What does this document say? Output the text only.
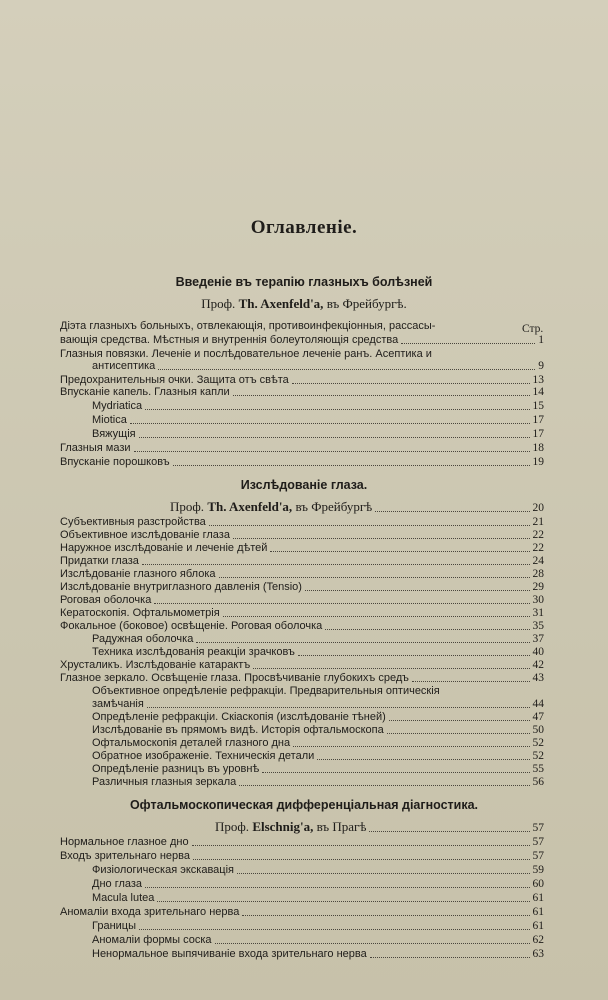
Оглавленіе.
Введеніе въ терапію глазныхъ болѣзней
Проф. Th. Axenfeld'a, въ Фрейбургѣ.
Стр.
Діэта глазныхъ больныхъ, отвлекающія, противоинфекціонныя, рассасы-
вающія средства. Мѣстныя и внутреннія болеутоляющія средства	1
Глазныя повязки. Леченіе и послѣдовательное леченіе ранъ. Асептика и
антисептика	9
Предохранительныя очки. Защита отъ свѣта	13
Впусканіе капель. Глазныя капли	14
Mydriatica	15
Miotica	17
Вяжущія	17
Глазныя мази	18
Впусканіе порошковъ	19
Изслѣдованіе глаза.
Проф. Th. Axenfeld'a, въ Фрейбургѣ	20
Субъективныя разстройства	21
Объективное изслѣдованіе глаза	22
Наружное изслѣдованіе и леченіе дѣтей	22
Придатки глаза	24
Изслѣдованіе глазного яблока	28
Изслѣдованіе внутриглазного давленія (Tensio)	29
Роговая оболочка	30
Кератоскопія. Офтальмометрія	31
Фокальное (боковое) освѣщеніе. Роговая оболочка	35
Радужная оболочка	37
Техника изслѣдованія реакціи зрачковъ	40
Хрусталикъ. Изслѣдованіе катарактъ	42
Глазное зеркало. Освѣщеніе глаза. Просвѣчиваніе глубокихъ средъ	43
Объективное опредѣленіе рефракціи. Предварительныя оптическія
замѣчанія	44
Опредѣленіе рефракціи. Скіаскопія (изслѣдованіе тѣней)	47
Изслѣдованіе въ прямомъ видѣ. Исторія офтальмоскопа	50
Офтальмоскопія деталей глазного дна	52
Обратное изображеніе. Техническія детали	52
Опредѣленіе разницъ въ уровнѣ	55
Различныя глазныя зеркала	56
Офтальмоскопическая дифференціальная діагностика.
Проф. Elschnig'a, въ Прагѣ	57
Нормальное глазное дно	57
Входъ зрительнаго нерва	57
Физіологическая экскавація	59
Дно глаза	60
Macula lutea	61
Аномаліи входа зрительнаго нерва	61
Границы	61
Аномаліи формы соска	62
Ненормальное выпячиваніе входа зрительнаго нерва	63
